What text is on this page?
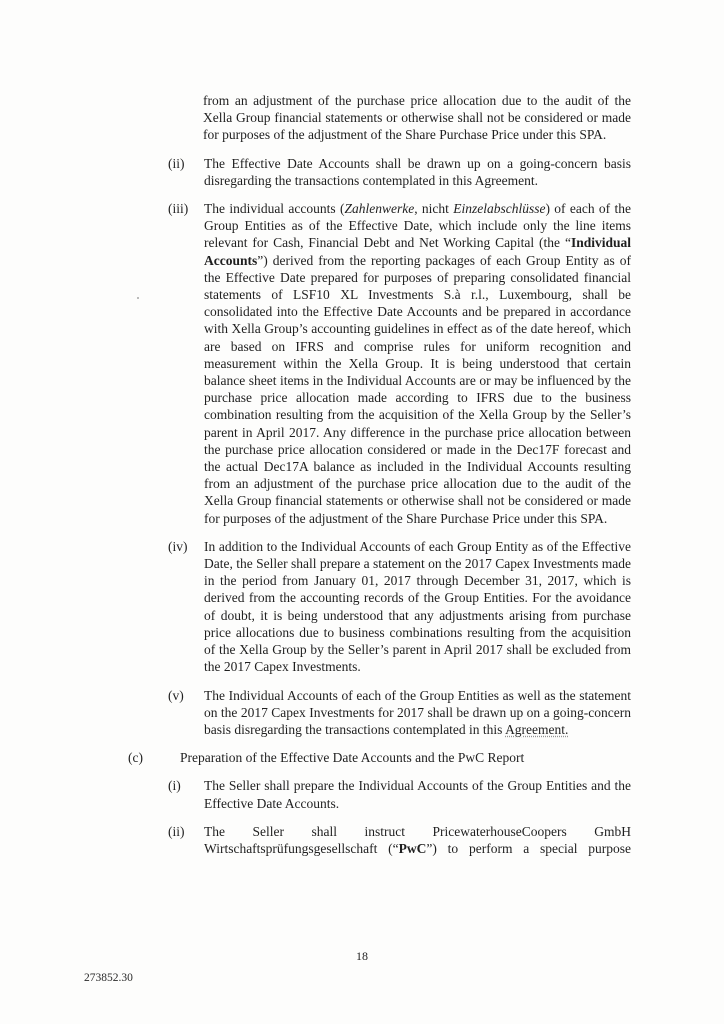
from an adjustment of the purchase price allocation due to the audit of the Xella Group financial statements or otherwise shall not be considered or made for purposes of the adjustment of the Share Purchase Price under this SPA.

(ii)	The Effective Date Accounts shall be drawn up on a going-concern basis disregarding the transactions contemplated in this Agreement.
(iii)	The individual accounts (Zahlenwerke, nicht Einzelabschlüsse) of each of the Group Entities as of the Effective Date, which include only the line items relevant for Cash, Financial Debt and Net Working Capital (the “Individual Accounts”) derived from the reporting packages of each Group Entity as of the Effective Date prepared for purposes of preparing consolidated financial statements of LSF10 XL Investments S.à r.l., Luxembourg, shall be consolidated into the Effective Date Accounts and be prepared in accordance with Xella Group’s accounting guidelines in effect as of the date hereof, which are based on IFRS and comprise rules for uniform recognition and measurement within the Xella Group. It is being understood that certain balance sheet items in the Individual Accounts are or may be influenced by the purchase price allocation made according to IFRS due to the business combination resulting from the acquisition of the Xella Group by the Seller’s parent in April 2017. Any difference in the purchase price allocation between the purchase price allocation considered or made in the Dec17F forecast and the actual Dec17A balance as included in the Individual Accounts resulting from an adjustment of the purchase price allocation due to the audit of the Xella Group financial statements or otherwise shall not be considered or made for purposes of the adjustment of the Share Purchase Price under this SPA.
(iv)	In addition to the Individual Accounts of each Group Entity as of the Effective Date, the Seller shall prepare a statement on the 2017 Capex Investments made in the period from January 01, 2017 through December 31, 2017, which is derived from the accounting records of the Group Entities. For the avoidance of doubt, it is being understood that any adjustments arising from purchase price allocations due to business combinations resulting from the acquisition of the Xella Group by the Seller’s parent in April 2017 shall be excluded from the 2017 Capex Investments.
(v)	The Individual Accounts of each of the Group Entities as well as the statement on the 2017 Capex Investments for 2017 shall be drawn up on a going-concern basis disregarding the transactions contemplated in this Agreement.
(c)	Preparation of the Effective Date Accounts and the PwC Report
(i)	The Seller shall prepare the Individual Accounts of the Group Entities and the Effective Date Accounts.
(ii)	The Seller shall instruct PricewaterhouseCoopers GmbH Wirtschaftsprüfungsgesellschaft (“PwC”) to perform a special purpose
18
273852.30
